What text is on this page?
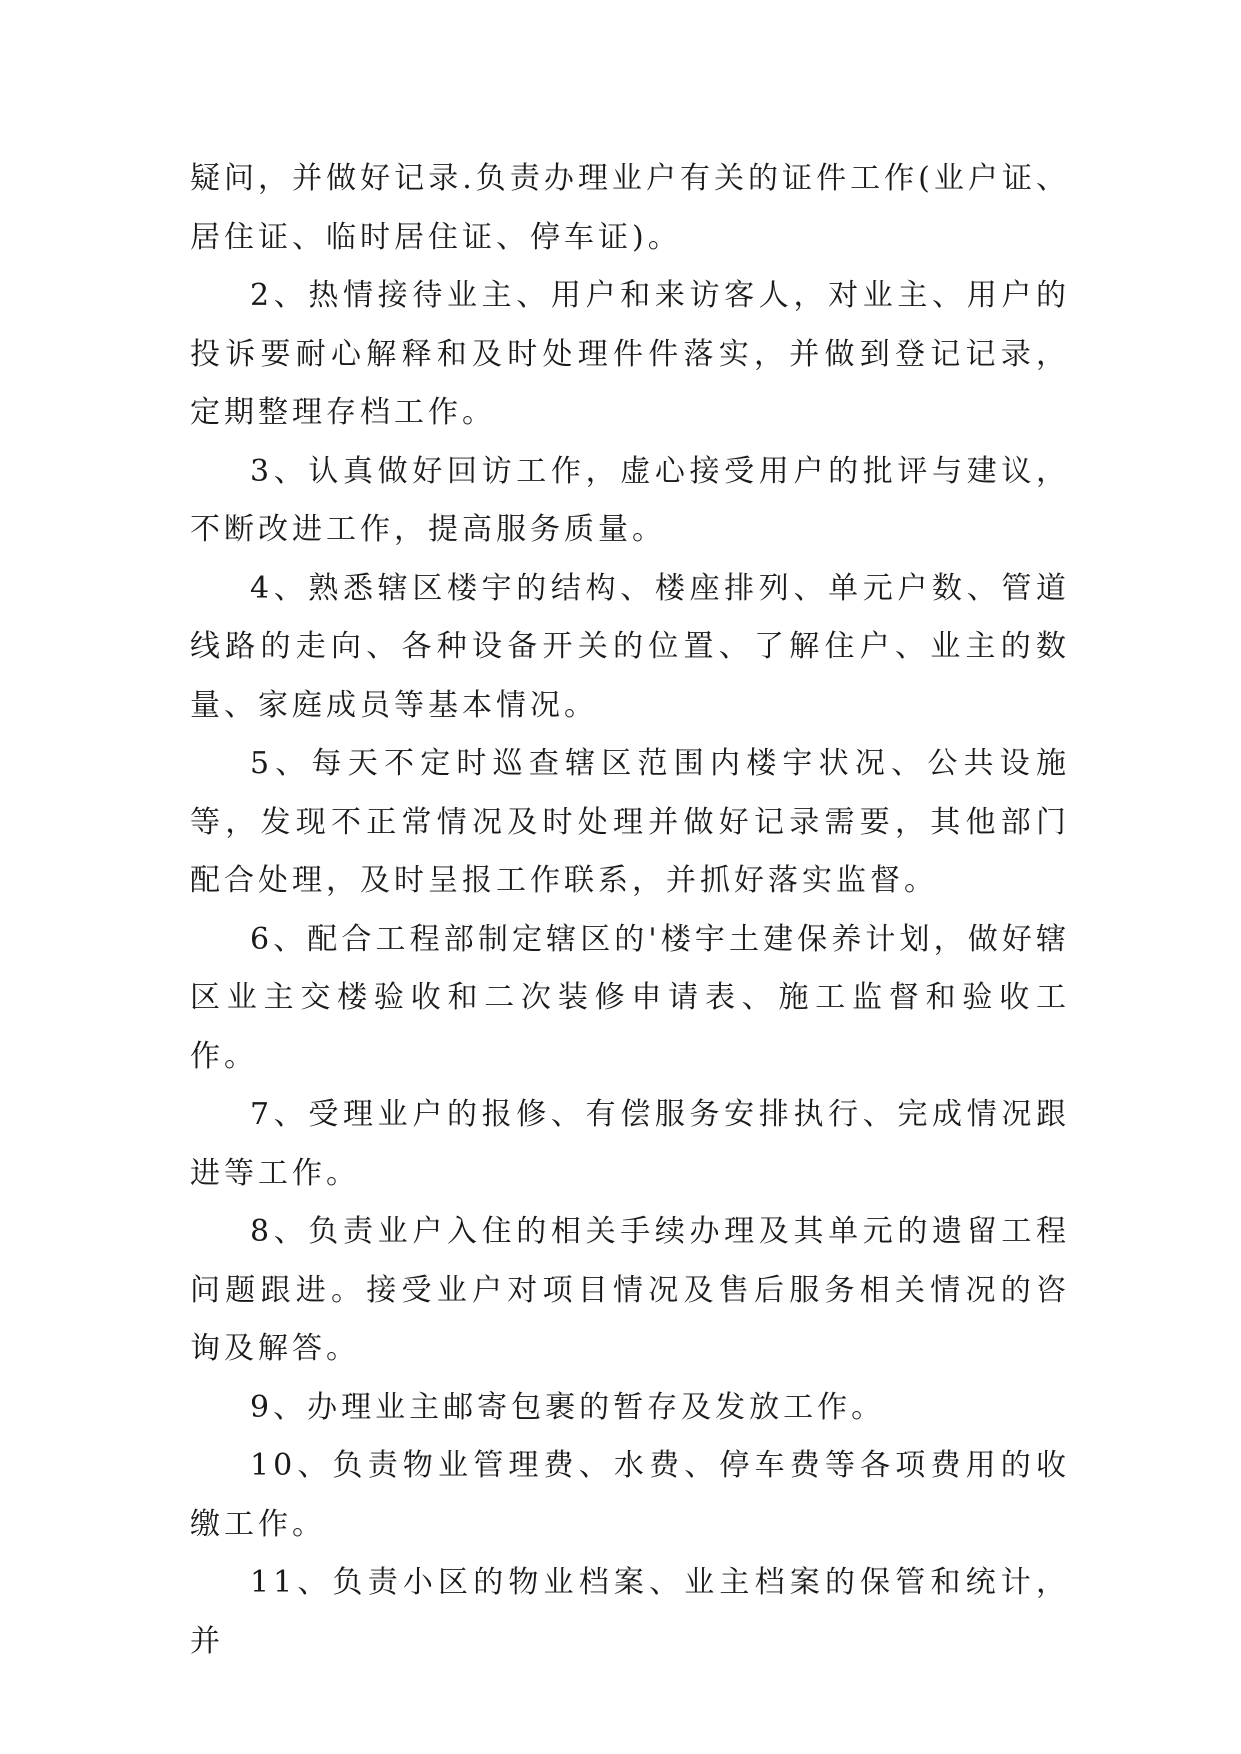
疑问，并做好记录.负责办理业户有关的证件工作(业户证、居住证、临时居住证、停车证)。

2、热情接待业主、用户和来访客人，对业主、用户的投诉要耐心解释和及时处理件件落实，并做到登记记录，定期整理存档工作。

3、认真做好回访工作，虚心接受用户的批评与建议，不断改进工作，提高服务质量。

4、熟悉辖区楼宇的结构、楼座排列、单元户数、管道线路的走向、各种设备开关的位置、了解住户、业主的数量、家庭成员等基本情况。

5、每天不定时巡查辖区范围内楼宇状况、公共设施等，发现不正常情况及时处理并做好记录需要，其他部门配合处理，及时呈报工作联系，并抓好落实监督。

6、配合工程部制定辖区的'楼宇土建保养计划，做好辖区业主交楼验收和二次装修申请表、施工监督和验收工作。

7、受理业户的报修、有偿服务安排执行、完成情况跟进等工作。

8、负责业户入住的相关手续办理及其单元的遗留工程问题跟进。接受业户对项目情况及售后服务相关情况的咨询及解答。

9、办理业主邮寄包裹的暂存及发放工作。

10、负责物业管理费、水费、停车费等各项费用的收缴工作。

11、负责小区的物业档案、业主档案的保管和统计，并
